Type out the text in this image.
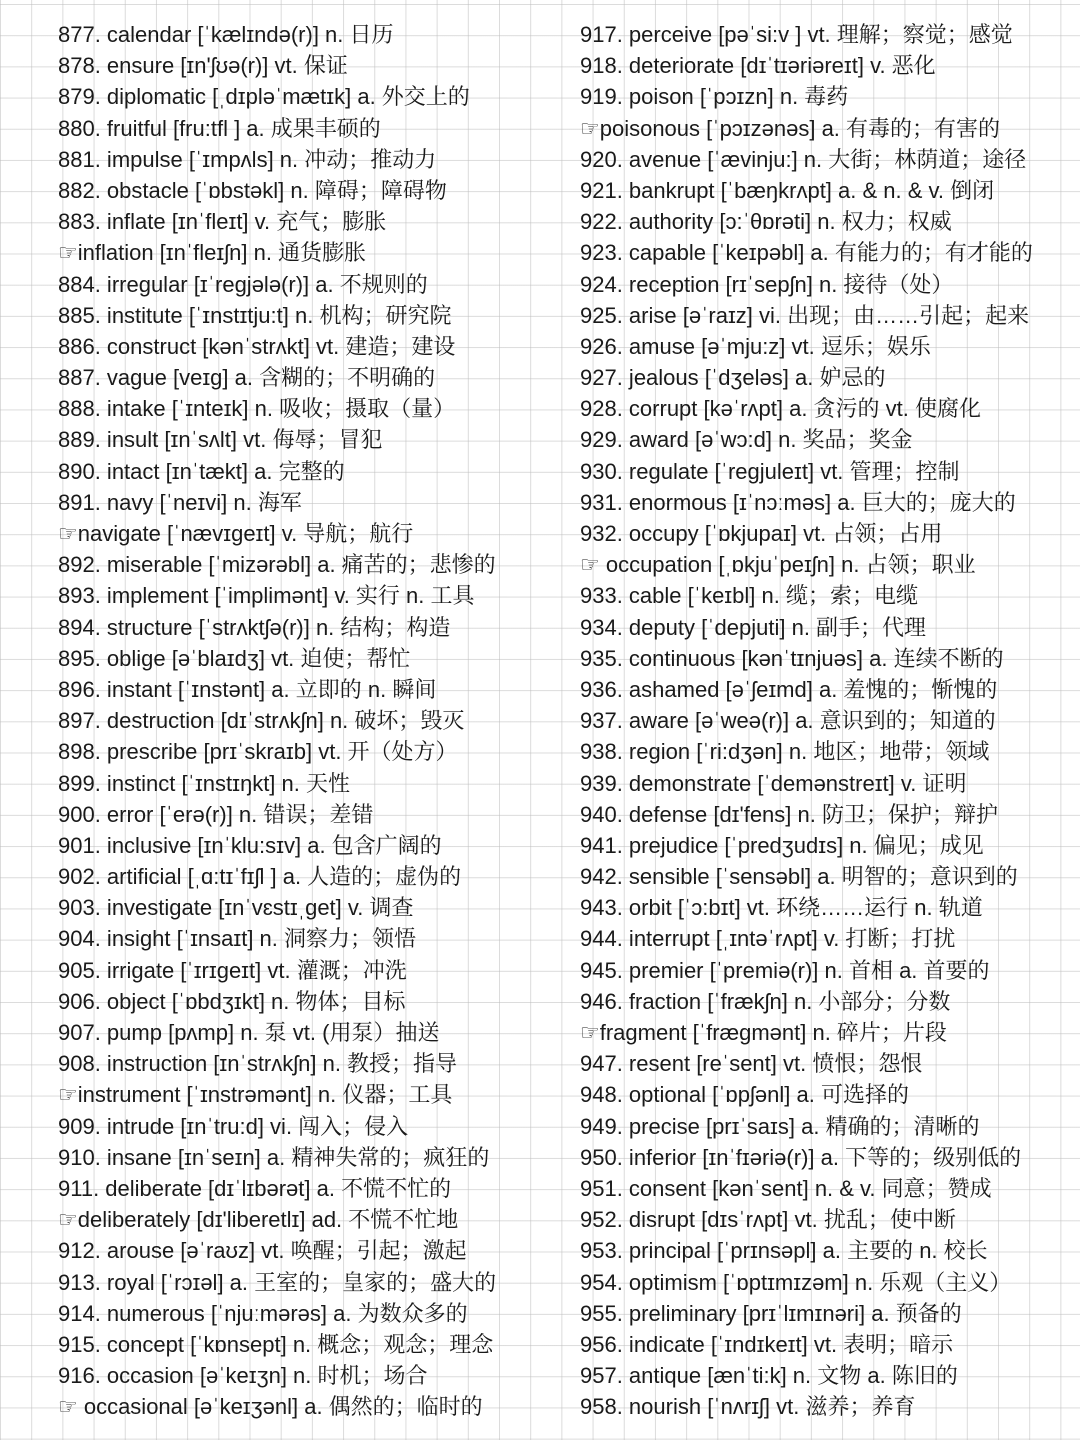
877. calendar [ˈkælɪndə(r)] n. 日历
878. ensure [ɪn'ʃʊə(r)] vt. 保证
879. diplomatic [ˌdɪpləˈmætɪk] a. 外交上的
880. fruitful [fru:tfl ] a. 成果丰硕的
881. impulse [ˈɪmpʌls] n. 冲动；推动力
882. obstacle [ˈɒbstəkl] n. 障碍；障碍物
883. inflate [ɪnˈfleɪt] v. 充气；膨胀
☞inflation [ɪnˈfleɪʃn] n. 通货膨胀
884. irregular [ɪˈregjələ(r)] a. 不规则的
885. institute [ˈɪnstɪtju:t] n. 机构；研究院
886. construct [kənˈstrʌkt] vt. 建造；建设
887. vague [veɪg] a. 含糊的；不明确的
888. intake [ˈɪnteɪk] n. 吸收；摄取（量）
889. insult [ɪnˈsʌlt] vt. 侮辱；冒犯
890. intact [ɪnˈtækt] a. 完整的
891. navy [ˈneɪvi] n. 海军
☞navigate [ˈnævɪgeɪt] v. 导航；航行
892. miserable [ˈmizərəbl] a. 痛苦的；悲惨的
893. implement [ˈimplimənt] v. 实行 n. 工具
894. structure [ˈstrʌktʃə(r)] n. 结构；构造
895. oblige [əˈblaɪdʒ] vt. 迫使；帮忙
896. instant [ˈɪnstənt] a. 立即的 n. 瞬间
897. destruction [dɪˈstrʌkʃn] n. 破坏；毁灭
898. prescribe [prɪˈskraɪb] vt. 开（处方）
899. instinct [ˈɪnstɪŋkt] n. 天性
900. error [ˈerə(r)] n. 错误；差错
901. inclusive [ɪnˈklu:sɪv] a. 包含广阔的
902. artificial [ˌɑ:tɪˈfɪʃl ] a. 人造的；虚伪的
903. investigate [ɪnˈvɛstɪˌget] v. 调查
904. insight [ˈɪnsaɪt] n. 洞察力；领悟
905. irrigate [ˈɪrɪgeɪt] vt. 灌溉；冲洗
906. object [ˈɒbdʒɪkt] n. 物体；目标
907. pump [pʌmp] n. 泵 vt. (用泵）抽送
908. instruction [ɪnˈstrʌkʃn] n. 教授；指导
☞instrument [ˈɪnstrəmənt] n. 仪器；工具
909. intrude [ɪnˈtru:d] vi. 闯入；侵入
910. insane [ɪnˈseɪn] a. 精神失常的；疯狂的
911. deliberate [dɪˈlɪbərət] a. 不慌不忙的
☞deliberately [dɪ'liberetlɪ] ad. 不慌不忙地
912. arouse [əˈraʊz] vt. 唤醒；引起；激起
913. royal [ˈrɔɪəl] a. 王室的；皇家的；盛大的
914. numerous [ˈnjuːmərəs] a. 为数众多的
915. concept [ˈkɒnsept] n. 概念；观念；理念
916. occasion [əˈkeɪʒn] n. 时机；场合
☞ occasional [əˈkeɪʒənl] a. 偶然的；临时的
917. perceive [pəˈsi:v ] vt. 理解；察觉；感觉
918. deteriorate [dɪˈtɪəriəreɪt] v. 恶化
919. poison [ˈpɔɪzn] n. 毒药
☞poisonous [ˈpɔɪzənəs] a. 有毒的；有害的
920. avenue [ˈævinju:] n. 大街；林荫道；途径
921. bankrupt [ˈbæŋkrʌpt] a. & n. & v. 倒闭
922. authority [ɔ:ˈθɒrəti] n. 权力；权威
923. capable [ˈkeɪpəbl] a. 有能力的；有才能的
924. reception [rɪˈsepʃn] n. 接待（处）
925. arise [əˈraɪz] vi. 出现；由……引起；起来
926. amuse [əˈmju:z] vt. 逗乐；娱乐
927. jealous [ˈdʒeləs] a. 妒忌的
928. corrupt [kəˈrʌpt] a. 贪污的 vt. 使腐化
929. award [əˈwɔ:d] n. 奖品；奖金
930. regulate [ˈregjuleɪt] vt. 管理；控制
931. enormous [ɪˈnɔːməs] a. 巨大的；庞大的
932. occupy [ˈɒkjupaɪ] vt. 占领；占用
☞ occupation [ˌɒkjuˈpeɪʃn] n. 占领；职业
933. cable [ˈkeɪbl] n. 缆；索；电缆
934. deputy [ˈdepjuti] n. 副手；代理
935. continuous [kənˈtɪnjuəs] a. 连续不断的
936. ashamed [əˈʃeɪmd] a. 羞愧的；惭愧的
937. aware [əˈweə(r)] a. 意识到的；知道的
938. region [ˈri:dʒən] n. 地区；地带；领域
939. demonstrate [ˈdemənstreɪt] v. 证明
940. defense [dɪ'fens] n. 防卫；保护；辩护
941. prejudice [ˈpredʒudɪs] n. 偏见；成见
942. sensible [ˈsensəbl] a. 明智的；意识到的
943. orbit [ˈɔ:bɪt] vt. 环绕……运行 n. 轨道
944. interrupt [ˌɪntəˈrʌpt] v. 打断；打扰
945. premier [ˈpremiə(r)] n. 首相 a. 首要的
946. fraction [ˈfrækʃn] n. 小部分；分数
☞fragment [ˈfrægmənt] n. 碎片；片段
947. resent [reˈsent] vt. 愤恨；怨恨
948. optional [ˈɒpʃənl] a. 可选择的
949. precise [prɪˈsaɪs] a. 精确的；清晰的
950. inferior [ɪnˈfɪəriə(r)] a. 下等的；级别低的
951. consent [kənˈsent] n. & v. 同意；赞成
952. disrupt [dɪsˈrʌpt] vt. 扰乱；使中断
953. principal [ˈprɪnsəpl] a. 主要的 n. 校长
954. optimism [ˈɒptɪmɪzəm] n. 乐观（主义）
955. preliminary [prɪˈlɪmɪnəri] a. 预备的
956. indicate [ˈɪndɪkeɪt] vt. 表明；暗示
957. antique [ænˈti:k] n. 文物 a. 陈旧的
958. nourish [ˈnʌrɪʃ] vt. 滋养；养育
